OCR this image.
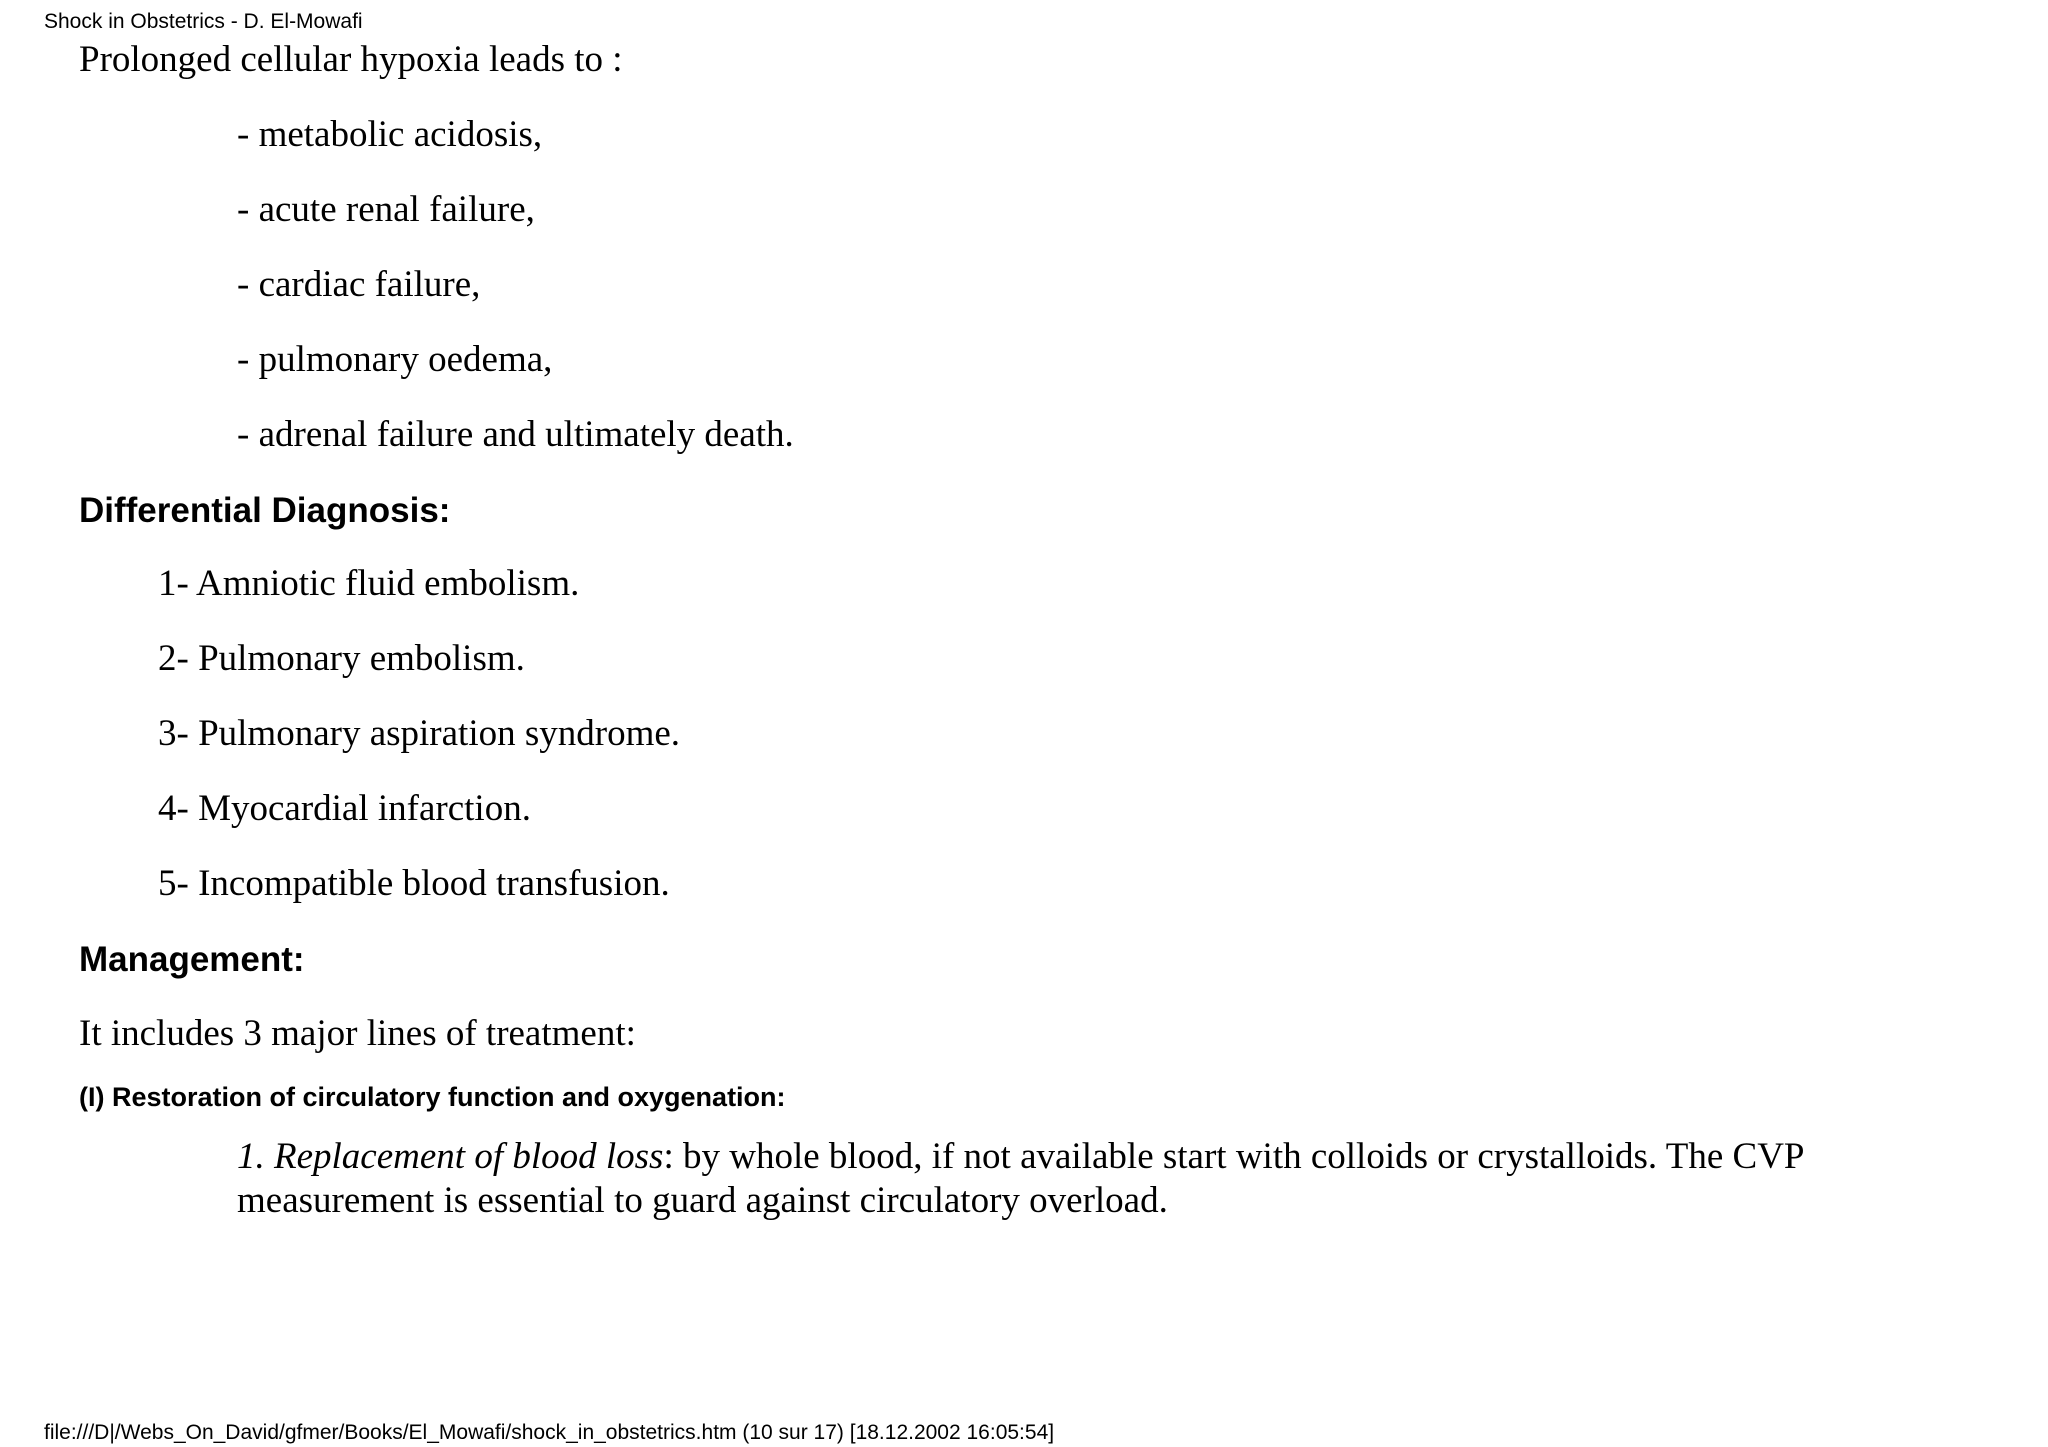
Shock in Obstetrics - D. El-Mowafi
Prolonged cellular hypoxia leads to :
- metabolic acidosis,
- acute renal failure,
- cardiac failure,
- pulmonary oedema,
- adrenal failure and ultimately death.
Differential Diagnosis:
1- Amniotic fluid embolism.
2- Pulmonary embolism.
3- Pulmonary aspiration syndrome.
4- Myocardial infarction.
5- Incompatible blood transfusion.
Management:
It includes 3 major lines of treatment:
(I) Restoration of circulatory function and oxygenation:
1. Replacement of blood loss: by whole blood, if not available start with colloids or crystalloids. The CVP measurement is essential to guard against circulatory overload.
file:///D|/Webs_On_David/gfmer/Books/El_Mowafi/shock_in_obstetrics.htm (10 sur 17) [18.12.2002 16:05:54]
